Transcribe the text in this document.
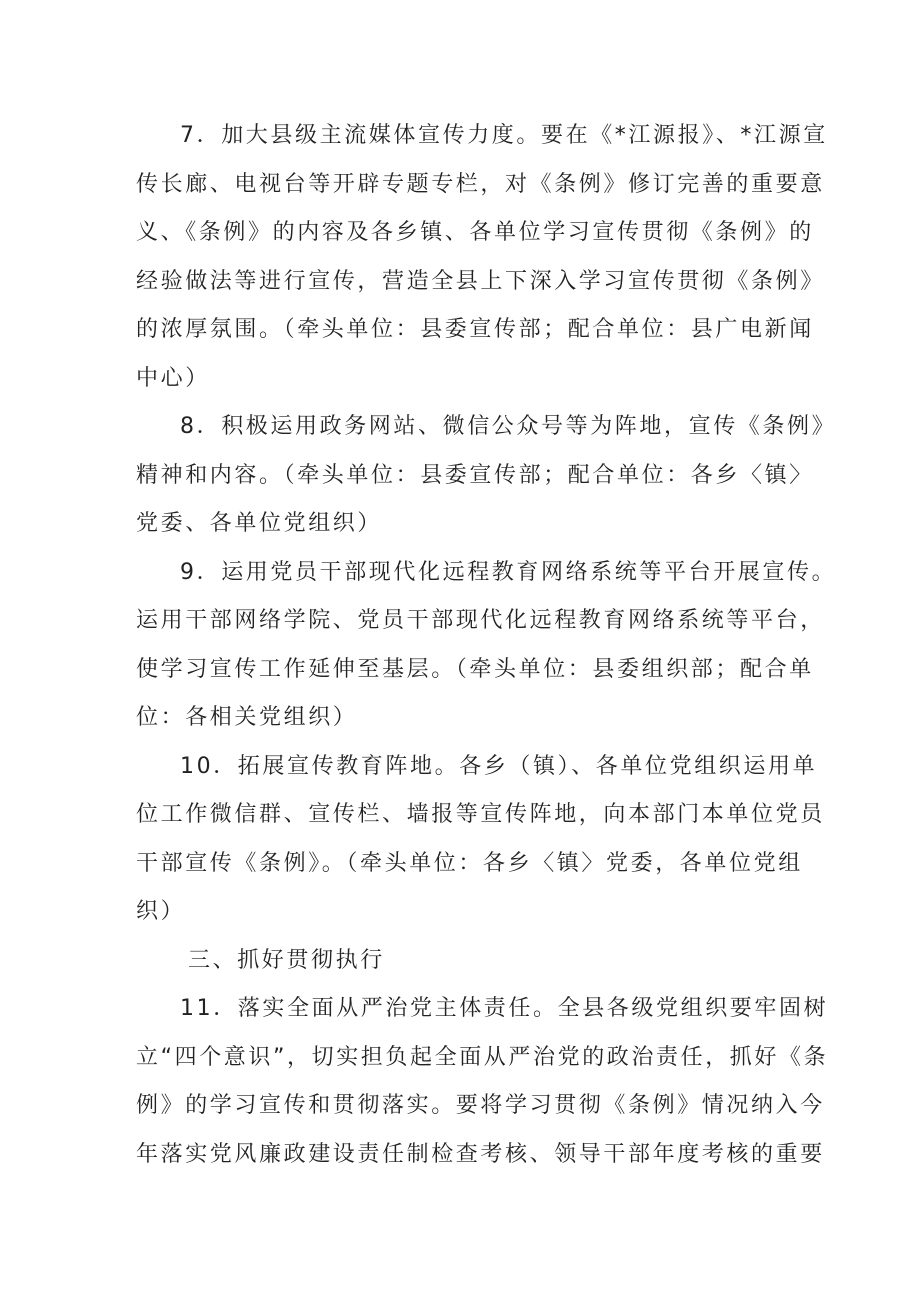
7．加大县级主流媒体宣传力度。要在《*江源报》、*江源宣
传长廊、电视台等开辟专题专栏，对《条例》修订完善的重要意
义、《条例》的内容及各乡镇、各单位学习宣传贯彻《条例》的
经验做法等进行宣传，营造全县上下深入学习宣传贯彻《条例》
的浓厚氛围。（牵头单位：县委宣传部；配合单位：县广电新闻
中心）
8．积极运用政务网站、微信公众号等为阵地，宣传《条例》
精神和内容。（牵头单位：县委宣传部；配合单位：各乡〈镇〉
党委、各单位党组织）
9．运用党员干部现代化远程教育网络系统等平台开展宣传。
运用干部网络学院、党员干部现代化远程教育网络系统等平台，
使学习宣传工作延伸至基层。（牵头单位：县委组织部；配合单
位：各相关党组织）
10．拓展宣传教育阵地。各乡（镇）、各单位党组织运用单
位工作微信群、宣传栏、墙报等宣传阵地，向本部门本单位党员
干部宣传《条例》。（牵头单位：各乡〈镇〉党委，各单位党组
织）
三、抓好贯彻执行
11．落实全面从严治党主体责任。全县各级党组织要牢固树
立“四个意识”，切实担负起全面从严治党的政治责任，抓好《条
例》的学习宣传和贯彻落实。要将学习贯彻《条例》情况纳入今
年落实党风廉政建设责任制检查考核、领导干部年度考核的重要
